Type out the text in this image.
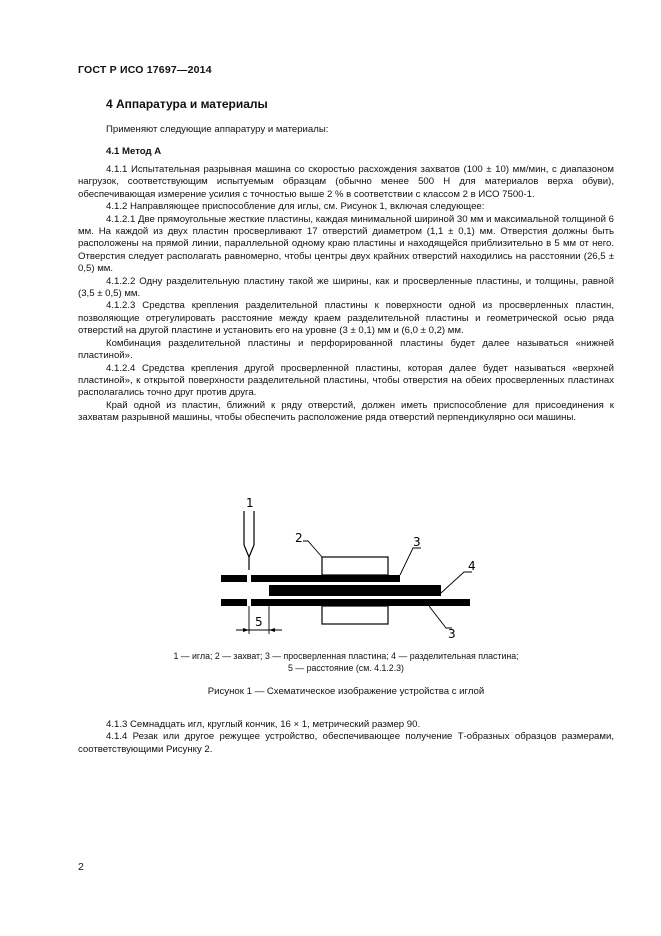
ГОСТ Р ИСО 17697—2014
4 Аппаратура и материалы

Применяют следующие аппаратуру и материалы:

4.1 Метод А

4.1.1 Испытательная разрывная машина со скоростью расхождения захватов (100 ± 10) мм/мин, с диапазоном нагрузок, соответствующим испытуемым образцам (обычно менее 500 Н для материалов верха обуви), обеспечивающая измерение усилия с точностью выше 2 % в соответствии с классом 2 в ИСО 7500-1.

4.1.2 Направляющее приспособление для иглы, см. Рисунок 1, включая следующее:

4.1.2.1 Две прямоугольные жесткие пластины, каждая минимальной шириной 30 мм и максимальной толщиной 6 мм. На каждой из двух пластин просверливают 17 отверстий диаметром (1,1 ± 0,1) мм. Отверстия должны быть расположены на прямой линии, параллельной одному краю пластины и находящейся приблизительно в 5 мм от него. Отверстия следует располагать равномерно, чтобы центры двух крайних отверстий находились на расстоянии (26,5 ± 0,5) мм.

4.1.2.2 Одну разделительную пластину такой же ширины, как и просверленные пластины, и толщины, равной (3,5 ± 0,5) мм.

4.1.2.3 Средства крепления разделительной пластины к поверхности одной из просверленных пластин, позволяющие отрегулировать расстояние между краем разделительной пластины и геометрической осью ряда отверстий на другой пластине и установить его на уровне (3 ± 0,1) мм и (6,0 ± 0,2) мм.

Комбинация разделительной пластины и перфорированной пластины будет далее называться «нижней пластиной».

4.1.2.4 Средства крепления другой просверленной пластины, которая далее будет называться «верхней пластиной», к открытой поверхности разделительной пластины, чтобы отверстия на обеих просверленных пластинах располагались точно друг против друга.

Край одной из пластин, ближний к ряду отверстий, должен иметь приспособление для присоединения к захватам разрывной машины, чтобы обеспечить расположение ряда отверстий перпендикулярно оси машины.

1
2	3
4
3
5

1 — игла; 2 — захват; 3 — просверленная пластина; 4 — разделительная пластина;

5 — расстояние (см. 4.1.2.3)

Рисунок 1 — Схематическое изображение устройства с иглой

4.1.3 Семнадцать игл, круглый кончик, 16 × 1, метрический размер 90.

4.1.4 Резак или другое режущее устройство, обеспечивающее получение Т-образных образцов размерами, соответствующими Рисунку 2.

2
